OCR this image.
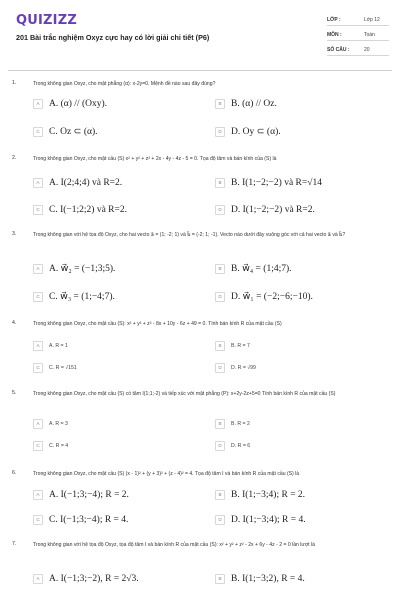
QUIZIZZ
201 Bài trắc nghiệm Oxyz cực hay có lời giải chi tiết (P6)
LỚP :	Lớp 12
MÔN :	Toán
SỐ CÂU :	20
1.	Trong không gian Oxyz, cho mặt phẳng (α): x-2y=0. Mệnh đề nào sau đây đúng?
A A. (α) // (Oxy).	B B. (α) // Oz.
C C. Oz ⊂ (α).	D D. Oy ⊂ (α).
2.	Trong không gian Oxyz, cho mặt cầu (S) x² + y² + z² + 2x - 4y - 4z - 5 = 0. Tọa độ tâm và bán kính của (S) là
A A. I(2;4;4) và R=2.	B B. I(1;−2;−2) và R=√14
C C. I(−1;2;2) và R=2.	D D. I(1;−2;−2) và R=2.
3.	Trong không gian với hệ tọa độ Oxyz, cho hai vecto a⃗ = (1; -2; 1) và b⃗ = (-2; 1; -1). Vecto nào dưới đây vuông góc với cả hai vecto a⃗ và b⃗?
A A. w⃗₂ = (−1;3;5).	B B. w⃗₄ = (1;4;7).
C C. w⃗₃ = (1;−4;7).	D D. w⃗₁ = (−2;−6;−10).
4.	Trong không gian Oxyz, cho mặt cầu (S): x² + y² + z² - 8x + 10y - 6z + 49 = 0. Tính bán kính R của mặt cầu (S)
A	A. R = 1	B	B. R = 7
C	C. R = √151	D	D. R = √99
5.	Trong không gian Oxyz, cho mặt cầu (S) có tâm I(1;1;-2) và tiếp xúc với mặt phẳng (P): x+2y-2z+5=0 Tính bán kính R của mặt cầu (S)
A	A. R = 3	B	B. R = 2
C	C. R = 4	D	D. R = 6
6.	Trong không gian Oxyz, cho mặt cầu (S) (x - 1)² + (y + 3)² + (z - 4)² = 4. Tọa độ tâm I và bán kính R của mặt cầu (S) là
A A. I(−1;3;−4); R = 2.	B B. I(1;−3;4); R = 2.
C C. I(−1;3;−4); R = 4.	D D. I(1;−3;4); R = 4.
7.	Trong không gian với hệ tọa độ Oxyz, tọa độ tâm I và bán kính R của mặt cầu (S): x² + y² + z² - 2x + 6y - 4z - 2 = 0 lần lượt là
A A. I(−1;3;−2), R = 2√3.	B B. I(1;−3;2), R = 4.
